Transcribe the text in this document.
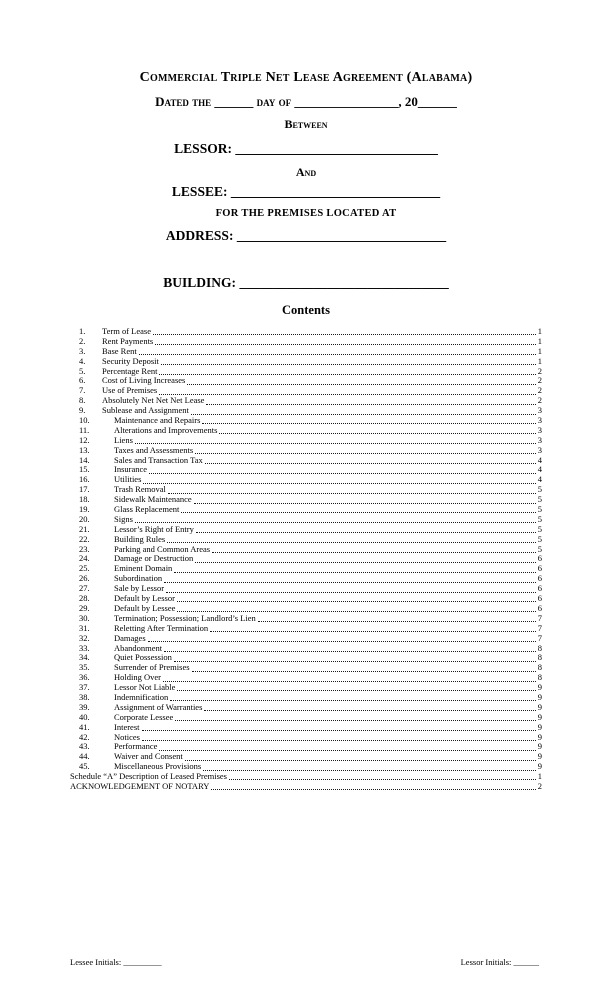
Commercial Triple Net Lease Agreement (Alabama)
Dated the ______ day of ________________, 20______
Between
LESSOR: ______________________________
And
LESSEE: _______________________________
FOR THE PREMISES LOCATED AT
ADDRESS: _______________________________
BUILDING: _______________________________
Contents
1.	Term of Lease	1
2.	Rent Payments	1
3.	Base Rent	1
4.	Security Deposit	1
5.	Percentage Rent	2
6.	Cost of Living Increases	2
7.	Use of Premises	2
8.	Absolutely Net Net Net Lease	2
9.	Sublease and Assignment	3
10.	Maintenance and Repairs	3
11.	Alterations and Improvements	3
12.	Liens	3
13.	Taxes and Assessments	3
14.	Sales and Transaction Tax	4
15.	Insurance	4
16.	Utilities	4
17.	Trash Removal	5
18.	Sidewalk Maintenance	5
19.	Glass Replacement	5
20.	Signs	5
21.	Lessor’s Right of Entry	5
22.	Building Rules	5
23.	Parking and Common Areas	5
24.	Damage or Destruction	6
25.	Eminent Domain	6
26.	Subordination	6
27.	Sale by Lessor	6
28.	Default by Lessor	6
29.	Default by Lessee	6
30.	Termination; Possession; Landlord’s Lien	7
31.	Reletting After Termination	7
32.	Damages	7
33.	Abandonment	8
34.	Quiet Possession	8
35.	Surrender of Premises	8
36.	Holding Over	8
37.	Lessor Not Liable	9
38.	Indemnification	9
39.	Assignment of Warranties	9
40.	Corporate Lessee	9
41.	Interest	9
42.	Notices	9
43.	Performance	9
44.	Waiver and Consent	9
45.	Miscellaneous Provisions	9
Schedule “A” Description of Leased Premises	1
ACKNOWLEDGEMENT OF NOTARY	2
Lessee Initials: _________	Lessor Initials: ______
